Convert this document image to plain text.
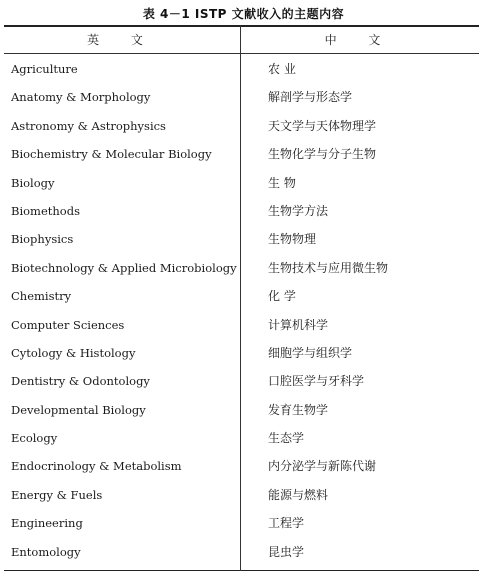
表 4－1 ISTP 文献收入的主题内容
英 文	中 文
Agriculture	农 业
Anatomy & Morphology	解剖学与形态学
Astronomy & Astrophysics	天文学与天体物理学
Biochemistry & Molecular Biology	生物化学与分子生物
Biology	生 物
Biomethods	生物学方法
Biophysics	生物物理
Biotechnology & Applied Microbiology	生物技术与应用微生物
Chemistry	化 学
Computer Sciences	计算机科学
Cytology & Histology	细胞学与组织学
Dentistry & Odontology	口腔医学与牙科学
Developmental Biology	发育生物学
Ecology	生态学
Endocrinology & Metabolism	内分泌学与新陈代谢
Energy & Fuels	能源与燃料
Engineering	工程学
Entomology	昆虫学
